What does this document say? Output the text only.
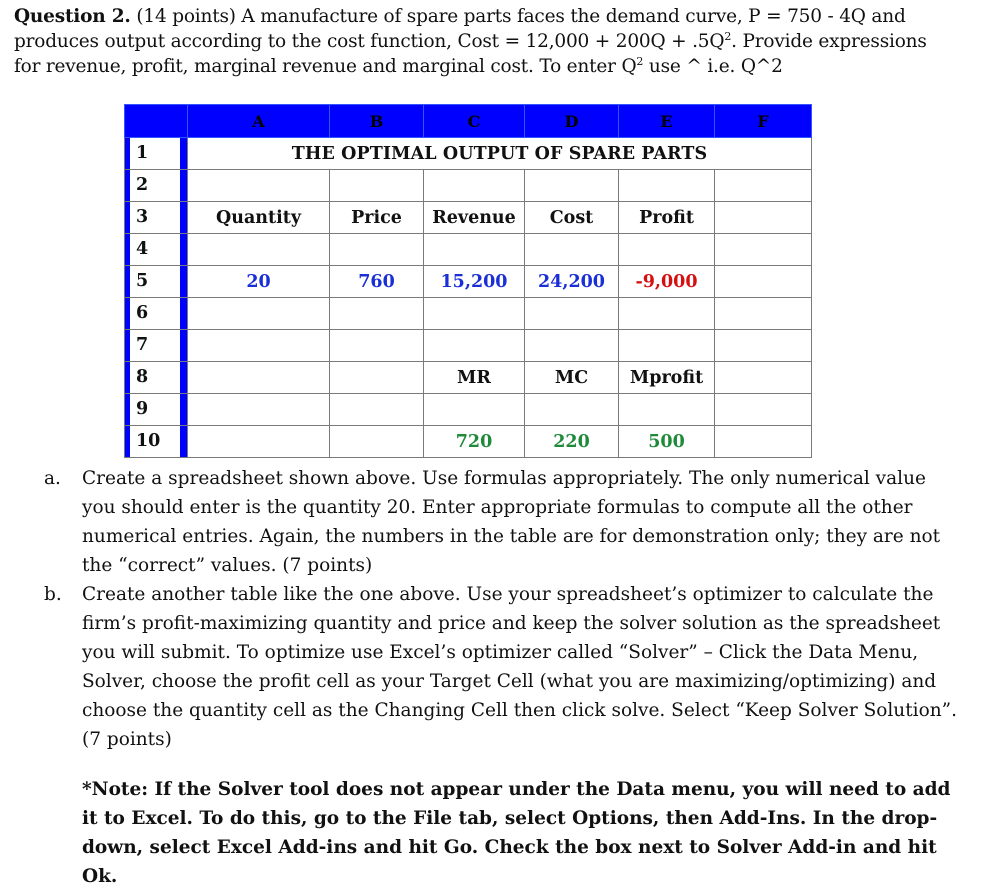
Question 2. (14 points) A manufacture of spare parts faces the demand curve, P = 750 - 4Q and
produces output according to the cost function, Cost = $12,000 + 200Q + .5Q^2$. Provide expressions
for revenue, profit, marginal revenue and marginal cost. To enter $Q^2$ use ^ i.e. Q^2
	A	B	C	D	E	F

1	THE OPTIMAL OUTPUT OF SPARE PARTS					

2						

3	Quantity	Price	Revenue	Cost	Profit	

4						

5	20	760	15,200	24,200	-9,000	

6						

7						

8			MR	MC	Mprofit	

9						

10			720	220	500	
a.	Create a spreadsheet shown above. Use formulas appropriately. The only numerical value you should enter is the quantity 20. Enter appropriate formulas to compute all the other numerical entries. Again, the numbers in the table are for demonstration only; they are not the “correct” values. (7 points)
b.	Create another table like the one above. Use your spreadsheet’s optimizer to calculate the firm’s profit-maximizing quantity and price and keep the solver solution as the spreadsheet you will submit. To optimize use Excel’s optimizer called “Solver” – Click the Data Menu, Solver, choose the profit cell as your Target Cell (what you are maximizing/optimizing) and choose the quantity cell as the Changing Cell then click solve. Select “Keep Solver Solution”. (7 points)
*Note: If the Solver tool does not appear under the Data menu, you will need to add it to Excel. To do this, go to the File tab, select Options, then Add-Ins. In the drop-down, select Excel Add-ins and hit Go. Check the box next to Solver Add-in and hit Ok.
